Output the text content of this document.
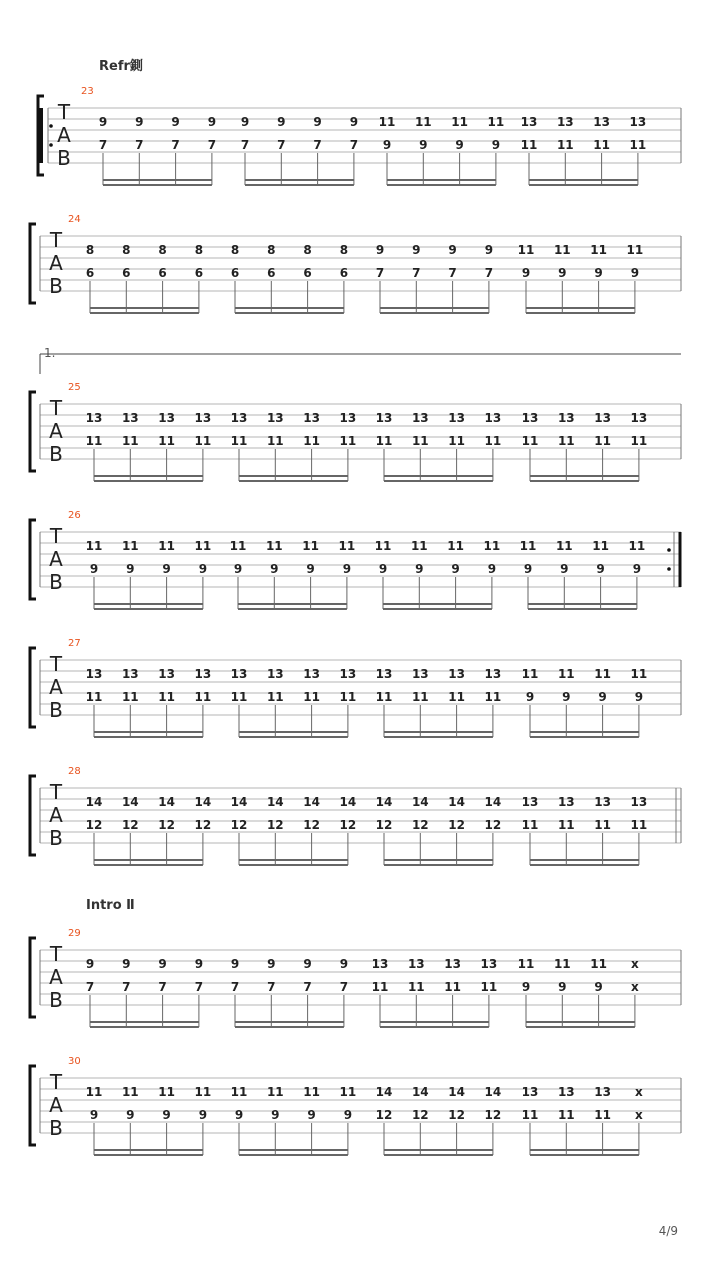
Refr鍘
Intro Ⅱ
1.
23
24
25
26
27
28
29
30
T
A
B
9
7
9
7
9
7
9
7
9
7
9
7
9
7
9
7
11
9
11
9
11
9
11
9
13
11
13
11
13
11
13
11
T
A
B
8
6
8
6
8
6
8
6
8
6
8
6
8
6
8
6
9
7
9
7
9
7
9
7
11
9
11
9
11
9
11
9
T
A
B
13
11
13
11
13
11
13
11
13
11
13
11
13
11
13
11
13
11
13
11
13
11
13
11
13
11
13
11
13
11
13
11
T
A
B
11
9
11
9
11
9
11
9
11
9
11
9
11
9
11
9
11
9
11
9
11
9
11
9
11
9
11
9
11
9
11
9
T
A
B
13
11
13
11
13
11
13
11
13
11
13
11
13
11
13
11
13
11
13
11
13
11
13
11
11
9
11
9
11
9
11
9
T
A
B
14
12
14
12
14
12
14
12
14
12
14
12
14
12
14
12
14
12
14
12
14
12
14
12
13
11
13
11
13
11
13
11
T
A
B
9
7
9
7
9
7
9
7
9
7
9
7
9
7
9
7
13
11
13
11
13
11
13
11
11
9
11
9
11
9
x
x
T
A
B
11
9
11
9
11
9
11
9
11
9
11
9
11
9
11
9
14
12
14
12
14
12
14
12
13
11
13
11
13
11
x
x
4/9
